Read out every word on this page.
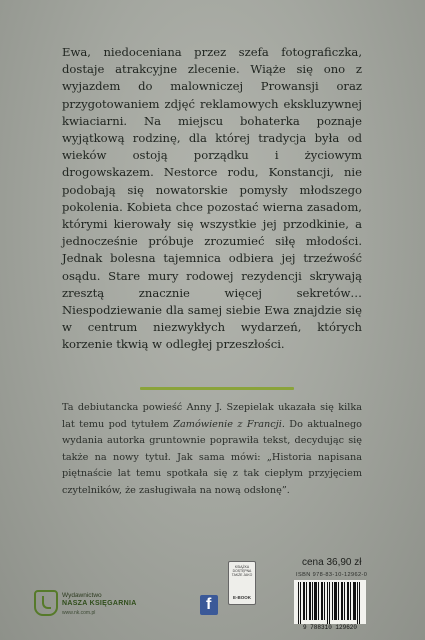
Ewa, niedoceniana przez szefa fotograficzka, dostaje atrakcyjne zlecenie. Wiąże się ono z wyjazdem do malowniczej Prowansji oraz przygotowaniem zdjęć reklamowych ekskluzywnej kwiaciarni. Na miejscu bohaterka poznaje wyjątkową rodzinę, dla której tradycja była od wieków ostoją porządku i życiowym drogowskazem. Nestorce rodu, Konstancji, nie podobają się nowatorskie pomysły młodszego pokolenia. Kobieta chce pozostać wierna zasadom, którymi kierowały się wszystkie jej przodkinie, a jednocześnie próbuje zrozumieć siłę młodości. Jednak bolesna tajemnica odbiera jej trzeźwość osądu. Stare mury rodowej rezydencji skrywają zresztą znacznie więcej sekretów… Niespodziewanie dla samej siebie Ewa znajdzie się w centrum niezwykłych wydarzeń, których korzenie tkwią w odległej przeszłości.

Ta debiutancka powieść Anny J. Szepielak ukazała się kilka lat temu pod tytułem Zamówienie z Francji. Do aktualnego wydania autorka gruntownie poprawiła tekst, decydując się także na nowy tytuł. Jak sama mówi: „Historia napisana piętnaście lat temu spotkała się z tak ciepłym przyjęciem czytelników, że zasługiwała na nową odsłonę”.

Wydawnictwo
NASZA KSIĘGARNIA
www.nk.com.pl	f
KSIĄŻKA DOSTĘPNA TAKŻE JAKO
E-BOOK
cena 36,90 zł
ISBN 978-83-10-12962-0
9 788310 129620
